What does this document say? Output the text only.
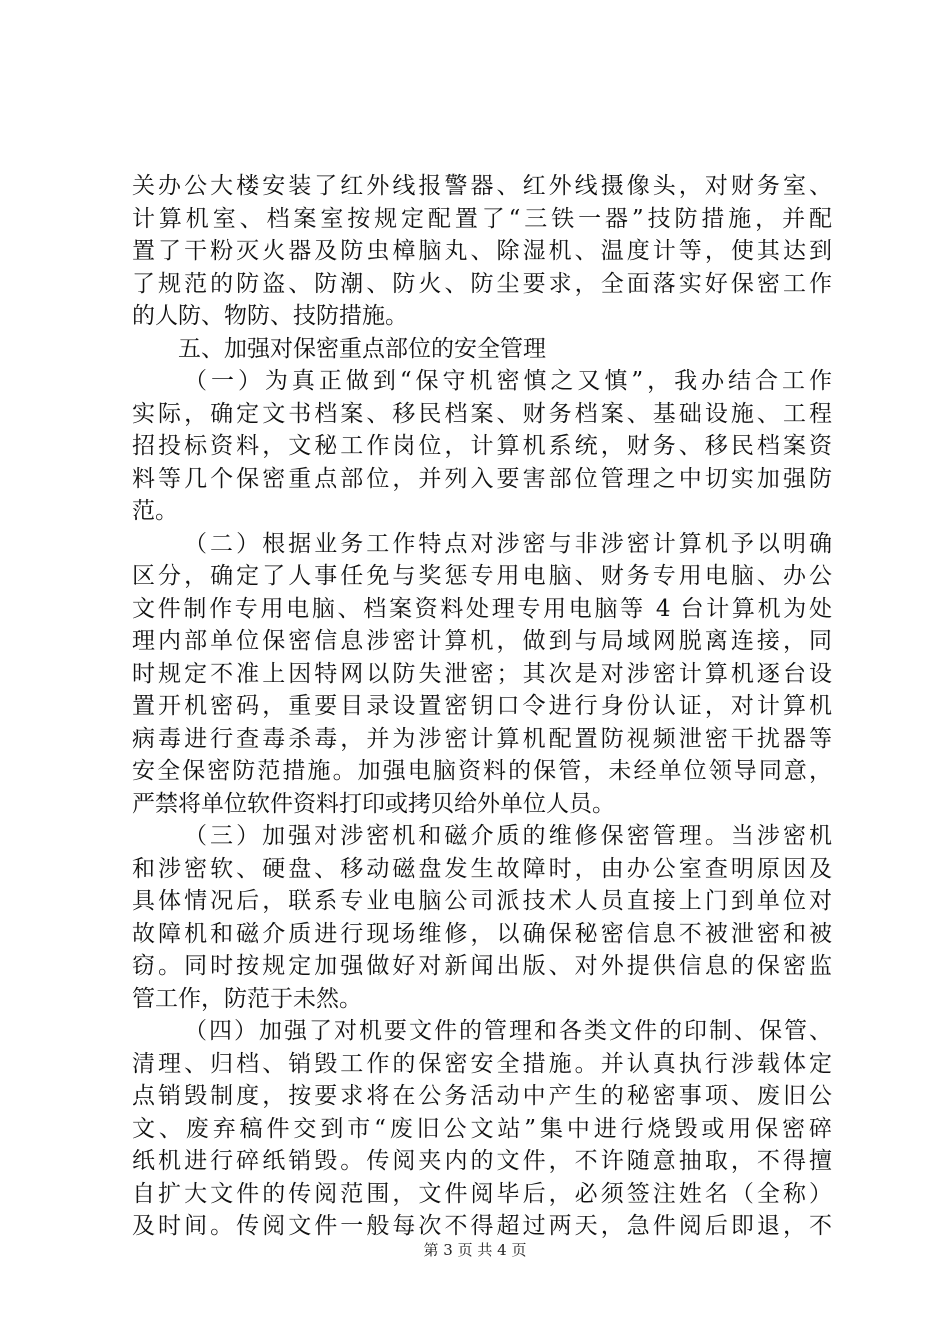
关办公大楼安装了红外线报警器、红外线摄像头，对财务室、
计算机室、档案室按规定配置了“三铁一器”技防措施，并配
置了干粉灭火器及防虫樟脑丸、除湿机、温度计等，使其达到
了规范的防盗、防潮、防火、防尘要求，全面落实好保密工作
的人防、物防、技防措施。
五、加强对保密重点部位的安全管理
（一）为真正做到“保守机密慎之又慎”，我办结合工作
实际，确定文书档案、移民档案、财务档案、基础设施、工程
招投标资料，文秘工作岗位，计算机系统，财务、移民档案资
料等几个保密重点部位，并列入要害部位管理之中切实加强防
范。
（二）根据业务工作特点对涉密与非涉密计算机予以明确
区分，确定了人事任免与奖惩专用电脑、财务专用电脑、办公
文件制作专用电脑、档案资料处理专用电脑等 4 台计算机为处
理内部单位保密信息涉密计算机，做到与局域网脱离连接，同
时规定不准上因特网以防失泄密；其次是对涉密计算机逐台设
置开机密码，重要目录设置密钥口令进行身份认证，对计算机
病毒进行查毒杀毒，并为涉密计算机配置防视频泄密干扰器等
安全保密防范措施。加强电脑资料的保管，未经单位领导同意，
严禁将单位软件资料打印或拷贝给外单位人员。
（三）加强对涉密机和磁介质的维修保密管理。当涉密机
和涉密软、硬盘、移动磁盘发生故障时，由办公室查明原因及
具体情况后，联系专业电脑公司派技术人员直接上门到单位对
故障机和磁介质进行现场维修，以确保秘密信息不被泄密和被
窃。同时按规定加强做好对新闻出版、对外提供信息的保密监
管工作，防范于未然。
（四）加强了对机要文件的管理和各类文件的印制、保管、
清理、归档、销毁工作的保密安全措施。并认真执行涉载体定
点销毁制度，按要求将在公务活动中产生的秘密事项、废旧公
文、废弃稿件交到市“废旧公文站”集中进行烧毁或用保密碎
纸机进行碎纸销毁。传阅夹内的文件，不许随意抽取，不得擅
自扩大文件的传阅范围，文件阅毕后，必须签注姓名（全称）
及时间。传阅文件一般每次不得超过两天，急件阅后即退，不
第 3 页 共 4 页
